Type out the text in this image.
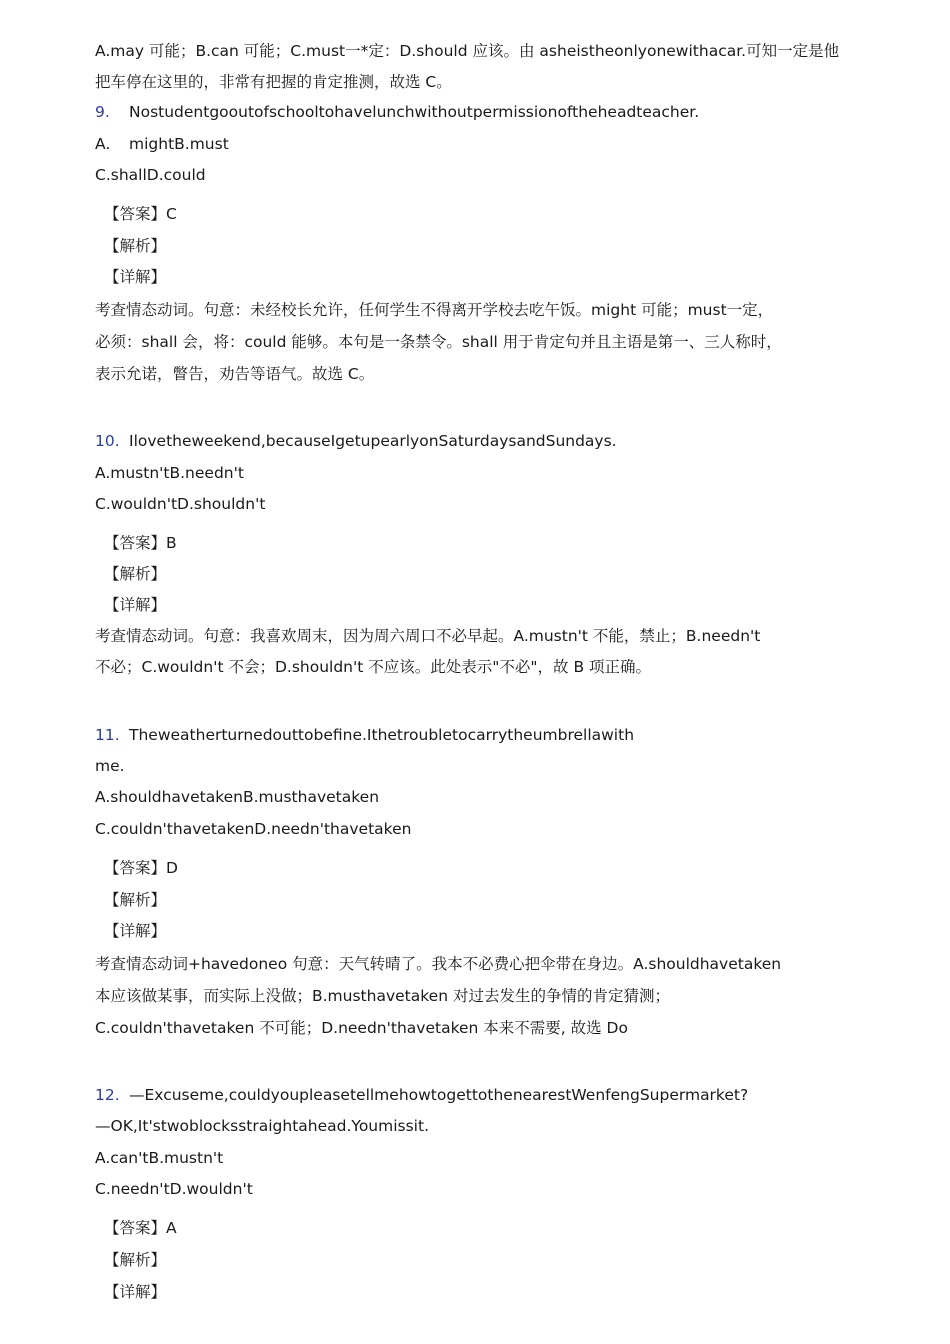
A.may 可能；B.can 可能；C.must一*定：D.should 应该。由 asheistheonlyonewithacar.可知一定是他
把车停在这里的，非常有把握的肯定推测，故选 C。
9. Nostudentgooutofschooltohavelunchwithoutpermissionoftheheadteacher.
A. mightB.must
C.shallD.could
【答案】C
【解析】
【详解】
考查情态动词。句意：未经校长允许，任何学生不得离开学校去吃午饭。might 可能；must一定，
必须：shall 会，将：could 能够。本句是一条禁令。shall 用于肯定句并且主语是第一、三人称时，
表示允诺，瞥告，劝告等语气。故选 C。
10. Ilovetheweekend,becauseIgetupearlyonSaturdaysandSundays.
A.mustn'tB.needn't
C.wouldn'tD.shouldn't
【答案】B
【解析】
【详解】
考查情态动词。句意：我喜欢周末，因为周六周口不必早起。A.mustn't 不能，禁止；B.needn't
不必；C.wouldn't 不会；D.shouldn't 不应该。此处表示"不必"，故 B 项正确。
11. Theweatherturnedouttobefine.Ithetroubletocarrytheumbrellawith
me.
A.shouldhavetakenB.musthavetaken
C.couldn'thavetakenD.needn'thavetaken
【答案】D
【解析】
【详解】
考查情态动词+havedoneo 句意：天气转晴了。我本不必费心把伞带在身边。A.shouldhavetaken
本应该做某事，而实际上没做；B.musthavetaken 对过去发生的争情的肯定猜测；
C.couldn'thavetaken 不可能；D.needn'thavetaken 本来不需要, 故选 Do
12. —Excuseme,couldyoupleasetellmehowtogettothenearestWenfengSupermarket?
—OK,It'stwoblocksstraightahead.Youmissit.
A.can'tB.mustn't
C.needn'tD.wouldn't
【答案】A
【解析】
【详解】
